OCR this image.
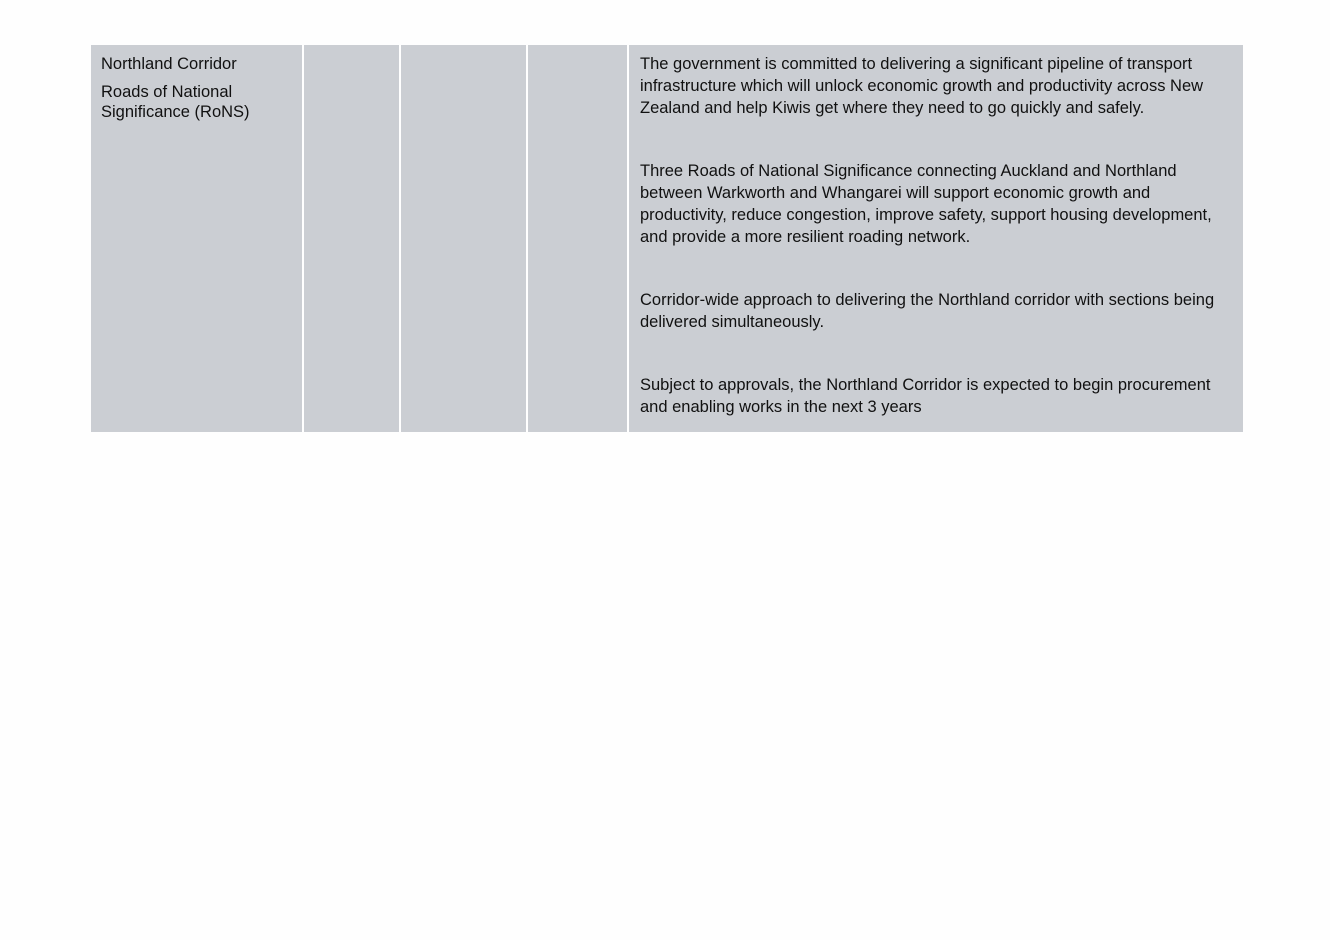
Northland Corridor

Roads of National Significance (RoNS)

The government is committed to delivering a significant pipeline of transport infrastructure which will unlock economic growth and productivity across New Zealand and help Kiwis get where they need to go quickly and safely.

Three Roads of National Significance connecting Auckland and Northland between Warkworth and Whangarei will support economic growth and productivity, reduce congestion, improve safety, support housing development, and provide a more resilient roading network.

Corridor-wide approach to delivering the Northland corridor with sections being delivered simultaneously.

Subject to approvals, the Northland Corridor is expected to begin procurement and enabling works in the next 3 years
